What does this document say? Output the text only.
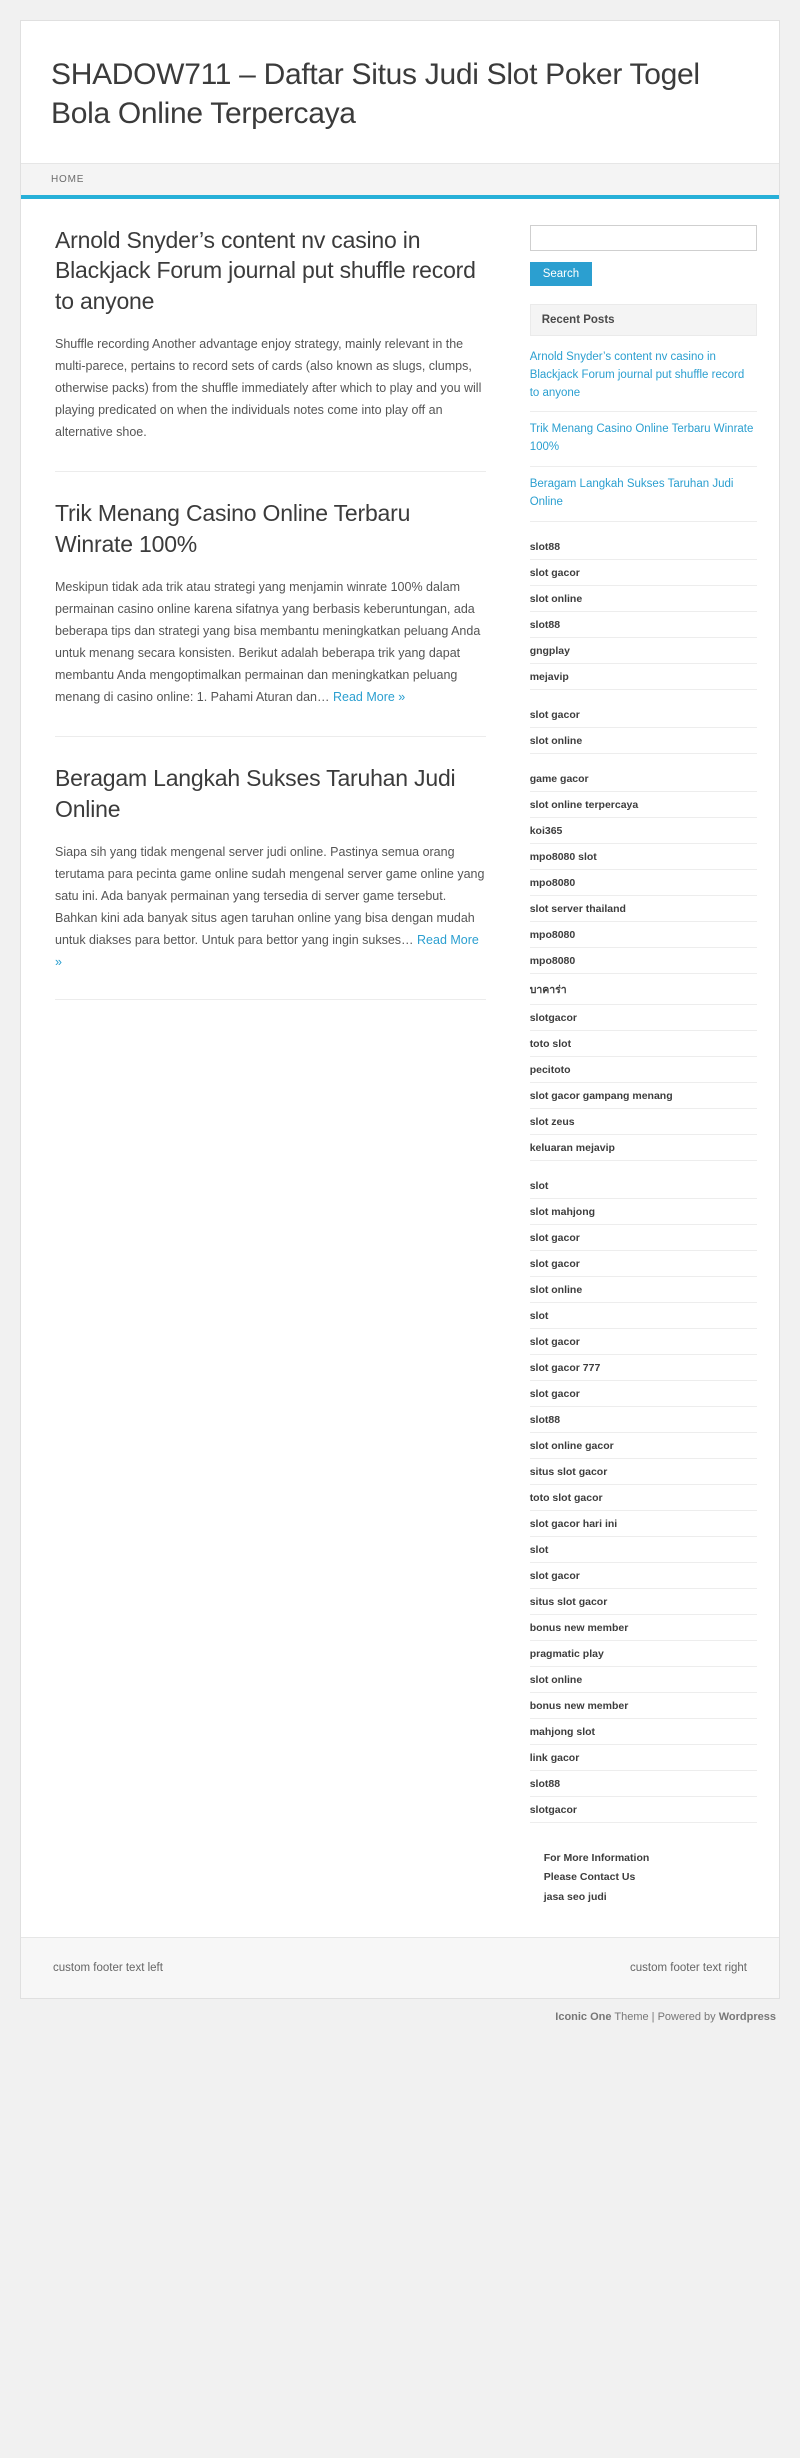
SHADOW711 – Daftar Situs Judi Slot Poker Togel Bola Online Terpercaya
HOME
Arnold Snyder’s content nv casino in Blackjack Forum journal put shuffle record to anyone

Shuffle recording Another advantage enjoy strategy, mainly relevant in the multi-parece, pertains to record sets of cards (also known as slugs, clumps, otherwise packs) from the shuffle immediately after which to play and you will playing predicated on when the individuals notes come into play off an alternative shoe.

Trik Menang Casino Online Terbaru Winrate 100%

Meskipun tidak ada trik atau strategi yang menjamin winrate 100% dalam permainan casino online karena sifatnya yang berbasis keberuntungan, ada beberapa tips dan strategi yang bisa membantu meningkatkan peluang Anda untuk menang secara konsisten. Berikut adalah beberapa trik yang dapat membantu Anda mengoptimalkan permainan dan meningkatkan peluang menang di casino online: 1. Pahami Aturan dan… Read More »

Beragam Langkah Sukses Taruhan Judi Online

Siapa sih yang tidak mengenal server judi online. Pastinya semua orang terutama para pecinta game online sudah mengenal server game online yang satu ini. Ada banyak permainan yang tersedia di server game tersebut. Bahkan kini ada banyak situs agen taruhan online yang bisa dengan mudah untuk diakses para bettor. Untuk para bettor yang ingin sukses… Read More »

Search
Recent Posts
Arnold Snyder’s content nv casino in Blackjack Forum journal put shuffle record to anyone
Trik Menang Casino Online Terbaru Winrate 100%
Beragam Langkah Sukses Taruhan Judi Online
slot88
slot gacor
slot online
slot88
gngplay
mejavip
slot gacor
slot online
game gacor
slot online terpercaya
koi365
mpo8080 slot
mpo8080
slot server thailand
mpo8080
mpo8080
บาคาร่า
slotgacor
toto slot
pecitoto
slot gacor gampang menang
slot zeus
keluaran mejavip
slot
slot mahjong
slot gacor
slot gacor
slot online
slot
slot gacor
slot gacor 777
slot gacor
slot88
slot online gacor
situs slot gacor
toto slot gacor
slot gacor hari ini
slot
slot gacor
situs slot gacor
bonus new member
pragmatic play
slot online
bonus new member
mahjong slot
link gacor
slot88
slotgacor
For More Information
Please Contact Us
jasa seo judi
custom footer text left	custom footer text right
Iconic One Theme | Powered by Wordpress
